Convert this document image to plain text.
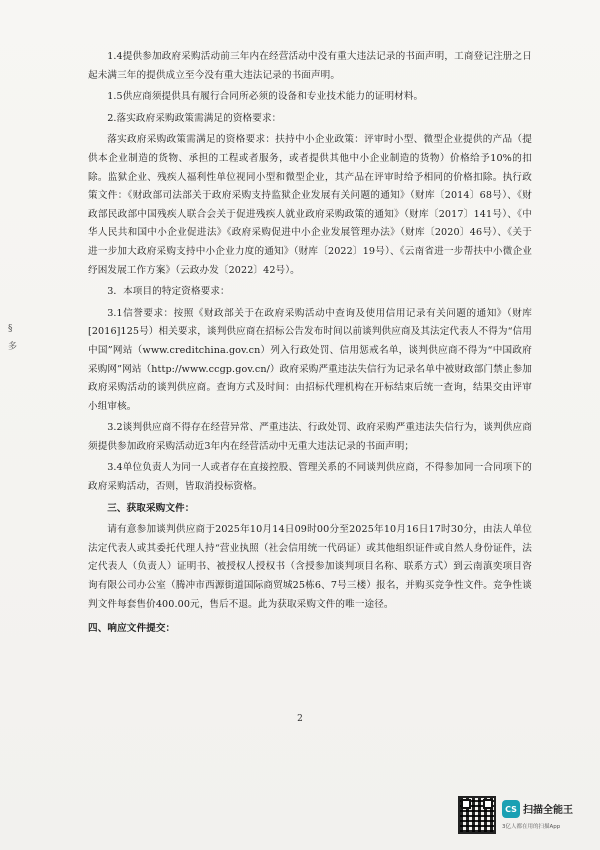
§
多

1.4提供参加政府采购活动前三年内在经营活动中没有重大违法记录的书面声明，工商登记注册之日起未满三年的提供成立至今没有重大违法记录的书面声明。

1.5供应商须提供具有履行合同所必须的设备和专业技术能力的证明材料。

2.落实政府采购政策需满足的资格要求：

落实政府采购政策需满足的资格要求：扶持中小企业政策：评审时小型、微型企业提供的产品（提供本企业制造的货物、承担的工程或者服务，或者提供其他中小企业制造的货物）价格给予10%的扣除。监狱企业、残疾人福利性单位视同小型和微型企业，其产品在评审时给予相同的价格扣除。执行政策文件：《财政部司法部关于政府采购支持监狱企业发展有关问题的通知》（财库〔2014〕68号）、《财政部民政部中国残疾人联合会关于促进残疾人就业政府采购政策的通知》（财库〔2017〕141号）、《中华人民共和国中小企业促进法》《政府采购促进中小企业发展管理办法》（财库〔2020〕46号）、《关于进一步加大政府采购支持中小企业力度的通知》（财库〔2022〕19号）、《云南省进一步帮扶中小微企业纾困发展工作方案》（云政办发〔2022〕42号）。

3．本项目的特定资格要求：

3.1信誉要求：按照《财政部关于在政府采购活动中查询及使用信用记录有关问题的通知》（财库[2016]125号）相关要求，谈判供应商在招标公告发布时间以前谈判供应商及其法定代表人不得为“信用中国”网站（www.creditchina.gov.cn）列入行政处罚、信用惩戒名单，谈判供应商不得为“中国政府采购网”网站（http://www.ccgp.gov.cn/）政府采购严重违法失信行为记录名单中被财政部门禁止参加政府采购活动的谈判供应商。查询方式及时间：由招标代理机构在开标结束后统一查询，结果交由评审小组审核。

3.2谈判供应商不得存在经营异常、严重违法、行政处罚、政府采购严重违法失信行为，谈判供应商须提供参加政府采购活动近3年内在经营活动中无重大违法记录的书面声明；

3.4单位负责人为同一人或者存在直接控股、管理关系的不同谈判供应商，不得参加同一合同项下的政府采购活动，否则，皆取消投标资格。

三、获取采购文件：

请有意参加谈判供应商于2025年10月14日09时00分至2025年10月16日17时30分，由法人单位法定代表人或其委托代理人持“营业执照（社会信用统一代码证）或其他组织证件或自然人身份证件，法定代表人（负责人）证明书、被授权人授权书（含授参加谈判项目名称、联系方式）到云南滇奕项目咨询有限公司办公室（腾冲市西源街道国际商贸城25栋6、7号三楼）报名，并购买竞争性文件。竞争性谈判文件每套售价400.00元，售后不退。此为获取采购文件的唯一途径。

四、响应文件提交：

2
CS 扫描全能王
3亿人都在用的扫描App
